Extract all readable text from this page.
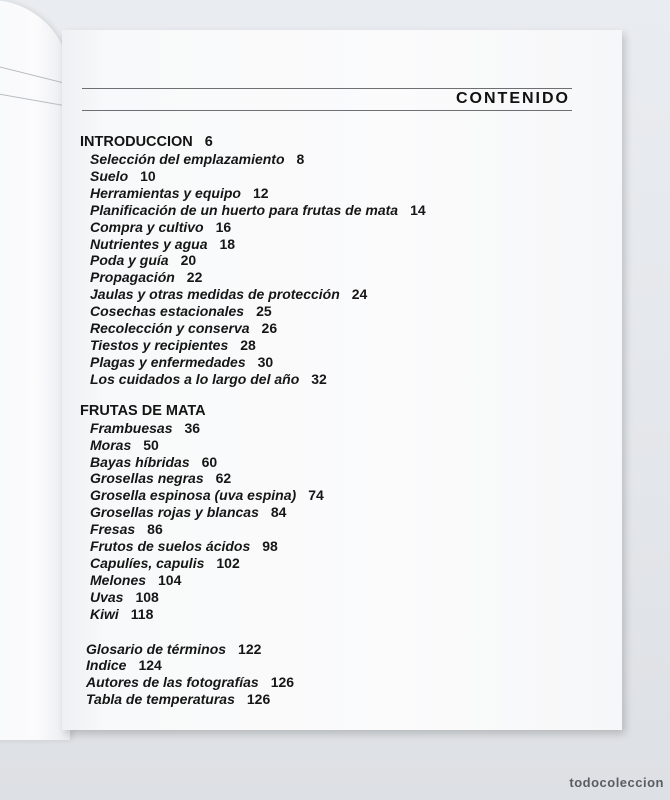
CONTENIDO
INTRODUCCION 6
Selección del emplazamiento 8
Suelo 10
Herramientas y equipo 12
Planificación de un huerto para frutas de mata 14
Compra y cultivo 16
Nutrientes y agua 18
Poda y guía 20
Propagación 22
Jaulas y otras medidas de protección 24
Cosechas estacionales 25
Recolección y conserva 26
Tiestos y recipientes 28
Plagas y enfermedades 30
Los cuidados a lo largo del año 32
FRUTAS DE MATA
Frambuesas 36
Moras 50
Bayas híbridas 60
Grosellas negras 62
Grosella espinosa (uva espina) 74
Grosellas rojas y blancas 84
Fresas 86
Frutos de suelos ácidos 98
Capulíes, capulis 102
Melones 104
Uvas 108
Kiwi 118
Glosario de términos 122
Indice 124
Autores de las fotografías 126
Tabla de temperaturas 126
todocoleccion
